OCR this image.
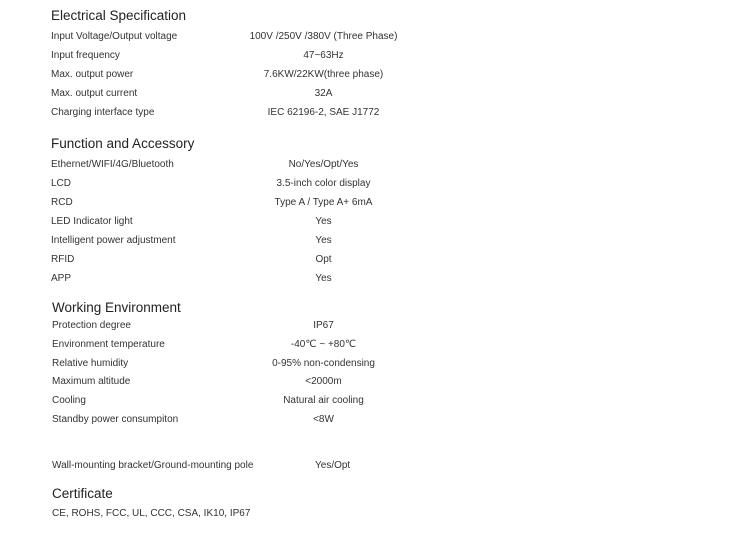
Electrical Specification
Input Voltage/Output voltage	100V /250V /380V (Three Phase)
Input frequency	47~63Hz
Max. output power	7.6KW/22KW(three phase)
Max. output current	32A
Charging interface type	IEC 62196-2, SAE J1772
Function and Accessory
Ethernet/WIFI/4G/Bluetooth	No/Yes/Opt/Yes
LCD	3.5-inch color display
RCD	Type A / Type A+ 6mA
LED Indicator light	Yes
Intelligent power adjustment	Yes
RFID	Opt
APP	Yes
Working Environment
Protection degree	IP67
Environment temperature	-40℃ ~ +80℃
Relative humidity	0-95% non-condensing
Maximum altitude	<2000m
Cooling	Natural air cooling
Standby power consumpiton	<8W
Wall-mounting bracket/Ground-mounting pole	Yes/Opt
Certificate
CE, ROHS, FCC, UL, CCC, CSA, IK10, IP67
